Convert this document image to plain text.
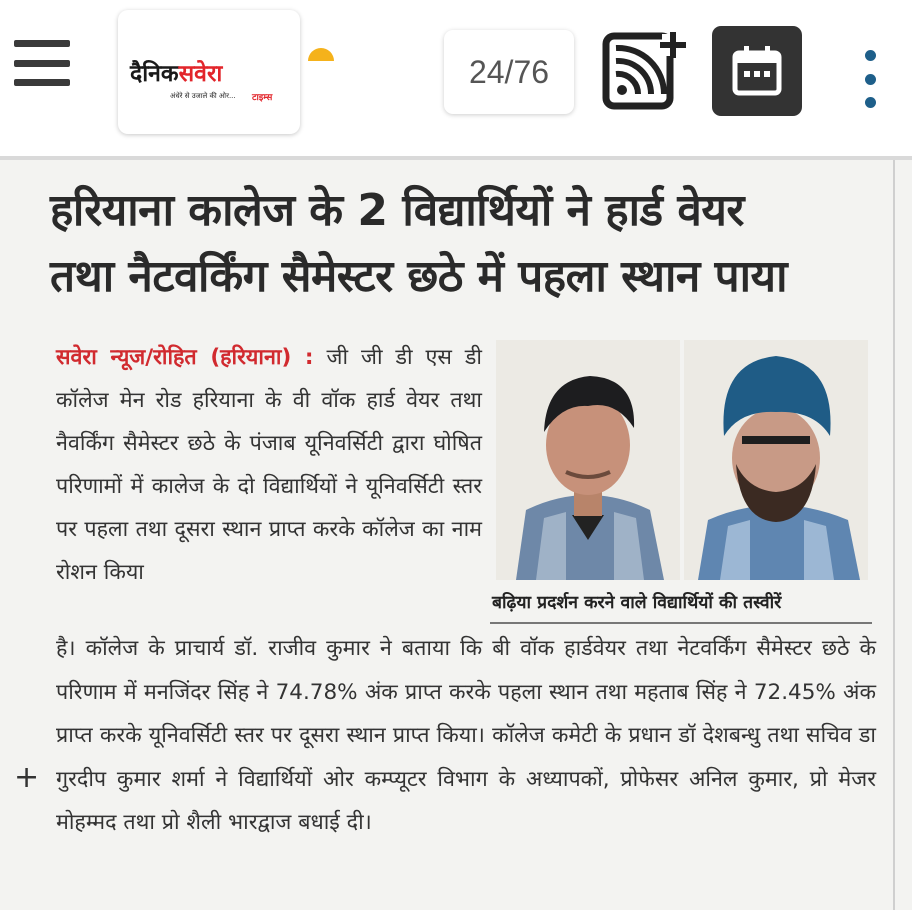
दैनिकसवेरा
अंधेरे से उजाले की ओर... टाइम्स
24/76
हरियाना कालेज के 2 विद्यार्थियों ने हार्ड वेयर
तथा नैटवर्किंग सैमेस्टर छठे में पहला स्थान पाया
सवेरा न्यूज/रोहित (हरियाना) : जी जी डी एस डी कॉलेज मेन रोड हरियाना के वी वॉक हार्ड वेयर तथा नैवर्किंग सैमेस्टर छठे के पंजाब यूनिवर्सिटी द्वारा घोषित परिणामों में कालेज के दो विद्यार्थियों ने यूनिवर्सिटी स्तर पर पहला तथा दूसरा स्थान प्राप्त करके कॉलेज का नाम रोशन किया
बढ़िया प्रदर्शन करने वाले विद्यार्थियों की तस्वीरें
है। कॉलेज के प्राचार्य डॉ. राजीव कुमार ने बताया कि बी वॉक हार्डवेयर तथा नेटवर्किंग सैमेस्टर छठे के परिणाम में मनजिंदर सिंह ने 74.78% अंक प्राप्त करके पहला स्थान तथा महताब सिंह ने 72.45% अंक प्राप्त करके यूनिवर्सिटी स्तर पर दूसरा स्थान प्राप्त किया। कॉलेज कमेटी के प्रधान डॉ देशबन्धु तथा सचिव डा गुरदीप कुमार शर्मा ने विद्यार्थियों ओर कम्प्यूटर विभाग के अध्यापकों, प्रोफेसर अनिल कुमार, प्रो मेजर मोहम्मद तथा प्रो शैली भारद्वाज बधाई दी।
+
